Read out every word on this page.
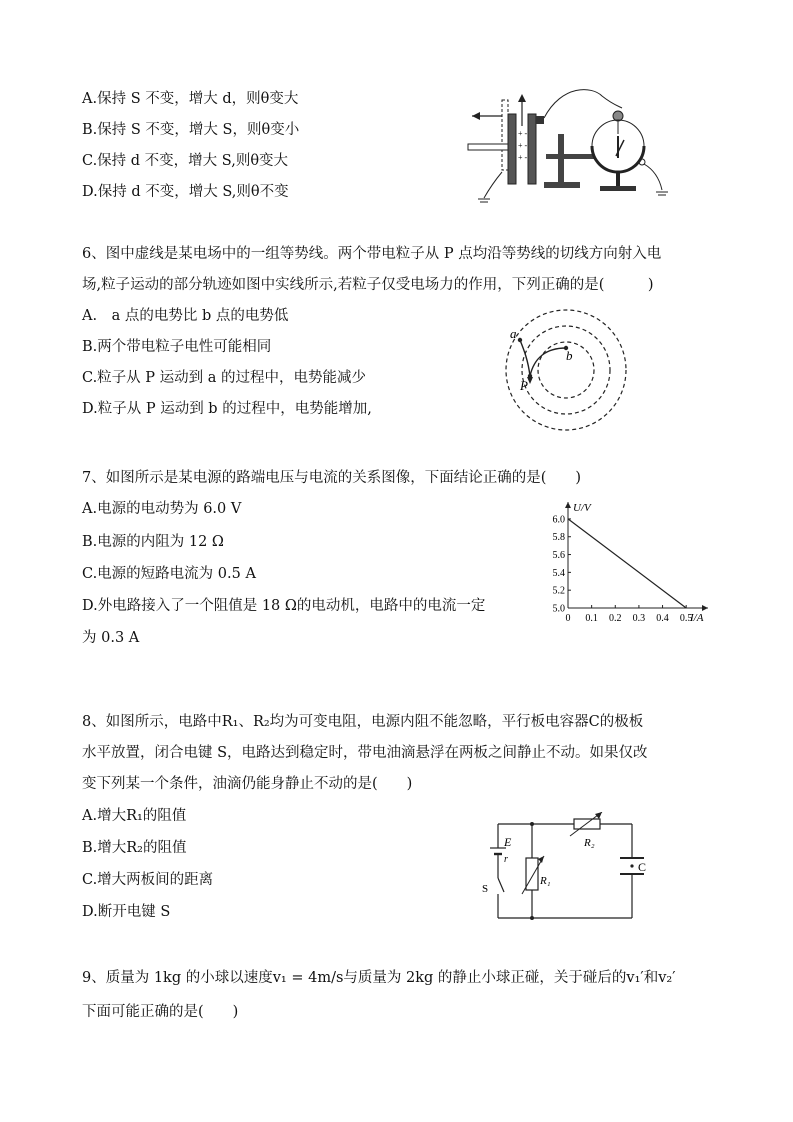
A.保持 S 不变，增大 d，则θ变大
B.保持 S 不变，增大 S，则θ变小
C.保持 d 不变，增大 S,则θ变大
D.保持 d 不变，增大 S,则θ不变
+ -
+ -
+ -
6、图中虚线是某电场中的一组等势线。两个带电粒子从 P 点均沿等势线的切线方向射入电
场,粒子运动的部分轨迹如图中实线所示,若粒子仅受电场力的作用，下列正确的是(　　　)
A.　a 点的电势比 b 点的电势低
B.两个带电粒子电性可能相同
C.粒子从 P 运动到 a 的过程中，电势能减少
D.粒子从 P 运动到 b 的过程中，电势能增加,
a
b
P
7、如图所示是某电源的路端电压与电流的关系图像，下面结论正确的是(　　)
A.电源的电动势为 6.0 V
B.电源的内阻为 12 Ω
C.电源的短路电流为 0.5 A
D.外电路接入了一个阻值是 18 Ω的电动机，电路中的电流一定
为 0.3 A
0 0.1 0.2 0.3 0.4 0.5
5.0
5.2
5.4
5.6
5.8
6.0
U/V
I/A
8、如图所示，电路中R₁、R₂均为可变电阻，电源内阻不能忽略，平行板电容器C的极板
水平放置，闭合电键 S，电路达到稳定时，带电油滴悬浮在两板之间静止不动。如果仅改
变下列某一个条件，油滴仍能身静止不动的是(　　)
A.增大R₁的阻值
B.增大R₂的阻值
C.增大两板间的距离
D.断开电键 S
C
R₂
R₁
E
r
S
9、质量为 1kg 的小球以速度v₁ = 4m/s与质量为 2kg 的静止小球正碰，关于碰后的v₁′和v₂′
下面可能正确的是(　　)
